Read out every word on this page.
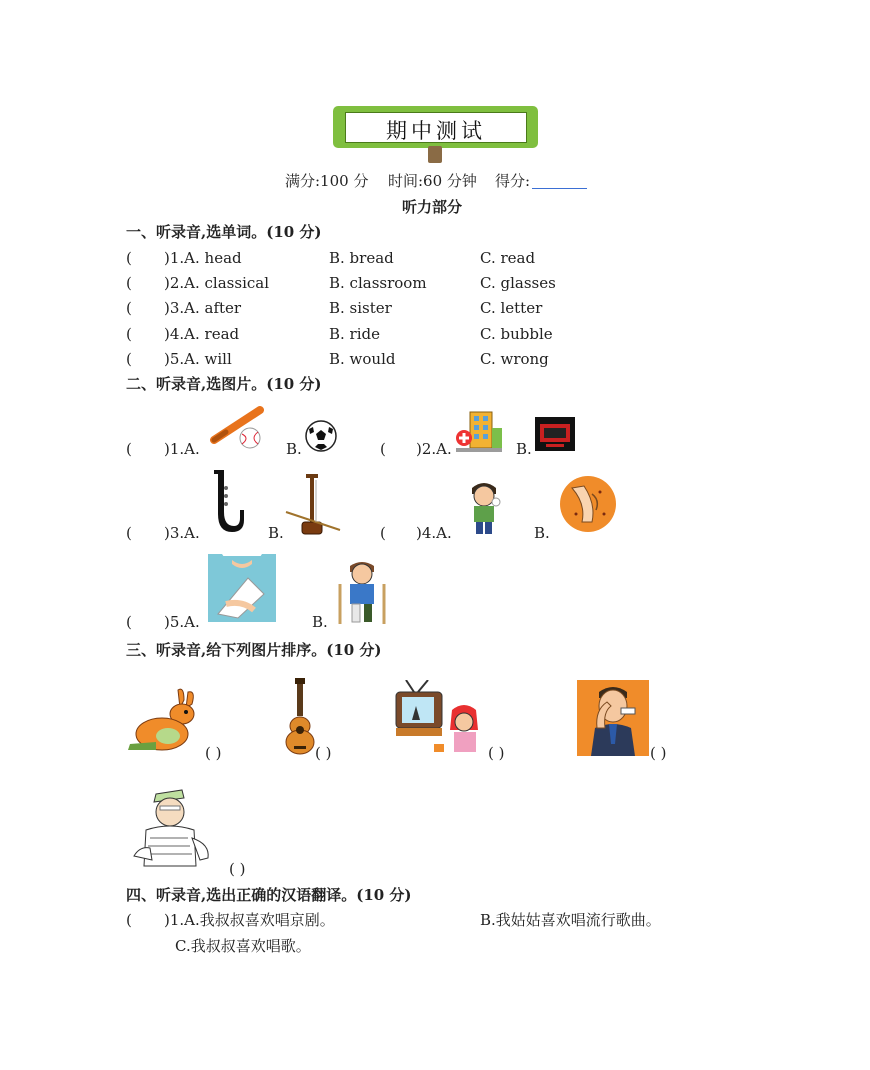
期中测试
满分:100 分 时间:60 分钟 得分:
听力部分
一、听录音,选单词。(10 分)
( )1.A. head	B. bread	C. read
( )2.A. classical	B. classroom	C. glasses
( )3.A. after	B. sister	C. letter
( )4.A. read	B. ride	C. bubble
( )5.A. will	B. would	C. wrong
二、听录音,选图片。(10 分)
( )1.A.	B.	( )2.A.	B.
( )3.A.	B.	( )4.A.	B.
( )5.A.	B.
三、听录音,给下列图片排序。(10 分)
( )	( )	( )	( )
( )
四、听录音,选出正确的汉语翻译。(10 分)
( )1.A.我叔叔喜欢唱京剧。	B.我姑姑喜欢唱流行歌曲。
C.我叔叔喜欢唱歌。
